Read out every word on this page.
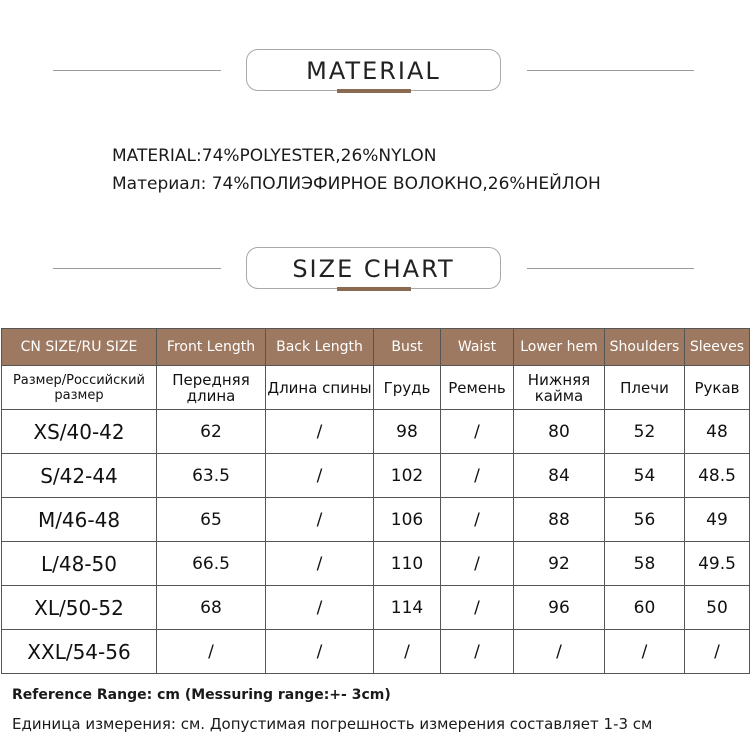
MATERIAL
MATERIAL:74%POLYESTER,26%NYLON
Материал: 74%ПОЛИЭФИРНОЕ ВОЛОКНО,26%НЕЙЛОН
SIZE CHART
CN SIZE/RU SIZE	Front Length	Back Length	Bust	Waist	Lower hem	Shoulders	Sleeves
Размер/Российский размер	Передняя длина	Длина спины	Грудь	Ремень	Нижняя кайма	Плечи	Рукав
XS/40-42	62	/	98	/	80	52	48
S/42-44	63.5	/	102	/	84	54	48.5
M/46-48	65	/	106	/	88	56	49
L/48-50	66.5	/	110	/	92	58	49.5
XL/50-52	68	/	114	/	96	60	50
XXL/54-56	/	/	/	/	/	/	/
Reference Range: cm (Messuring range:+- 3cm)
Единица измерения: см. Допустимая погрешность измерения составляет 1-3 см
